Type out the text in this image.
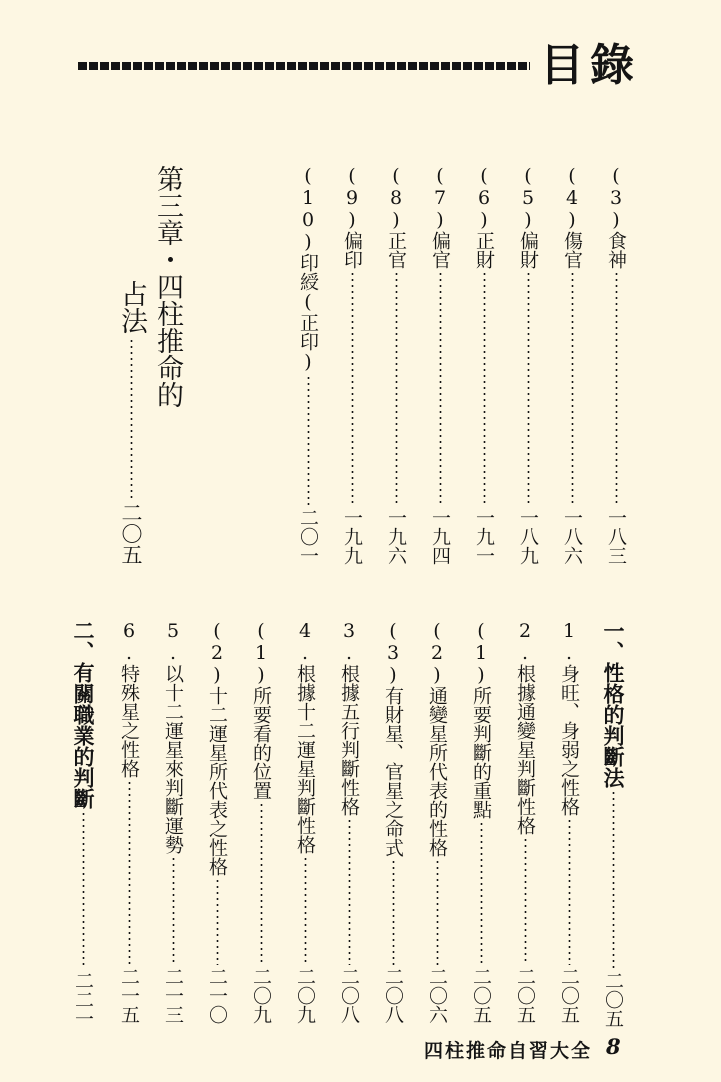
目錄
(3)食神
一八三
(4)傷官
一八六
(5)偏財
一八九
(6)正財
一九一
(7)偏官
一九四
(8)正官
一九六
(9)偏印
一九九
(10)印綬(正印)
二〇一
第三章・四柱推命的
占法
二〇五
一、性格的判斷法
二〇五
1.身旺、身弱之性格
二〇五
2.根據通變星判斷性格
二〇五
(1)所要判斷的重點
二〇五
(2)通變星所代表的性格
二〇六
(3)有財星、官星之命式
二〇八
3.根據五行判斷性格
二〇八
4.根據十二運星判斷性格
二〇九
(1)所要看的位置
二〇九
(2)十二運星所代表之性格
二一〇
5.以十二運星來判斷運勢
二一三
6.特殊星之性格
二一五
二、有關職業的判斷
二二一
四柱推命自習大全 8
